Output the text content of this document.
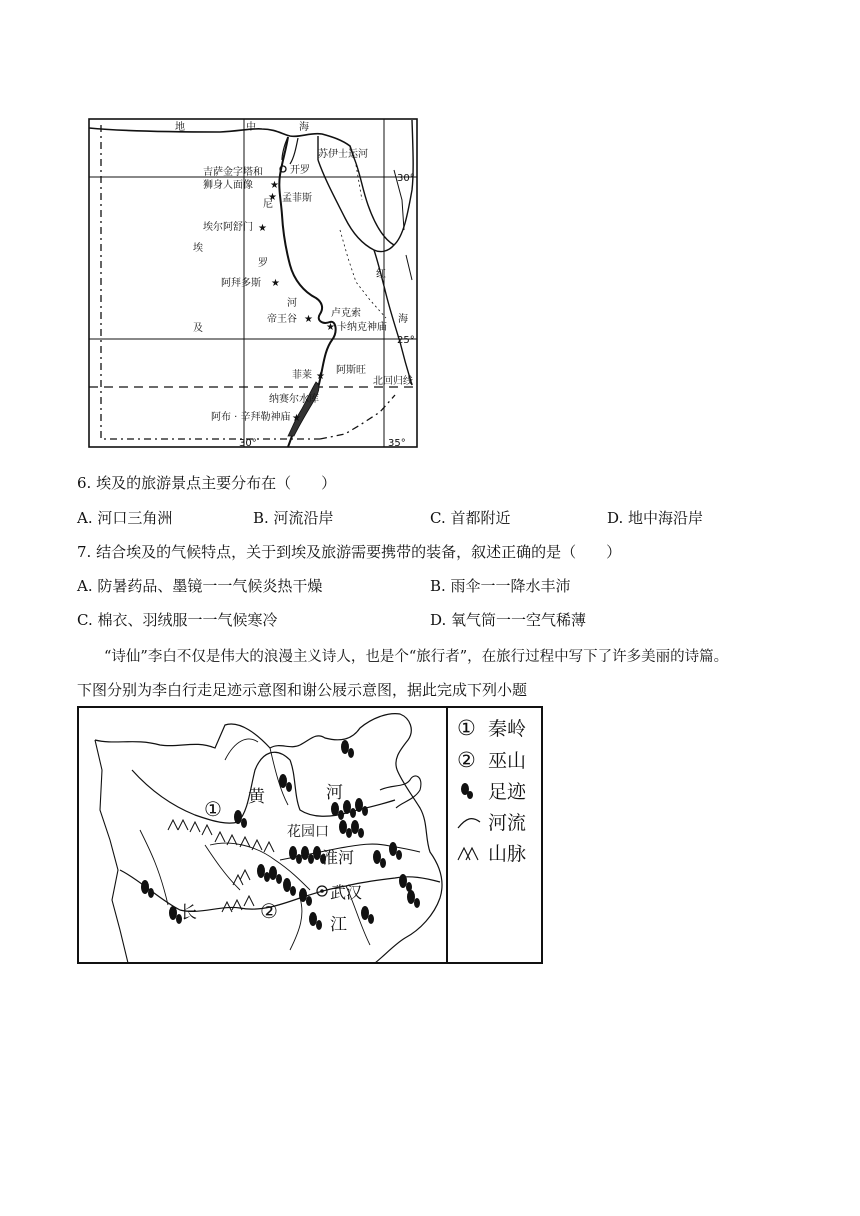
★
★
★
★
★
★
★
★
地	中	海
苏伊士运河
30°
吉萨金字塔和
狮身人面像
开罗
尼
孟菲斯
埃尔阿舒门
埃
罗
红
阿拜多斯
河
卢克索
帝王谷
卡纳克神庙
海
及
25°
菲莱 阿斯旺
北回归线
纳赛尔水库
阿布 · 辛拜勒神庙
30°	35°
6. 埃及的旅游景点主要分布在（　　）
A. 河口三角洲	B. 河流沿岸	C. 首都附近	D. 地中海沿岸
7. 结合埃及的气候特点，关于到埃及旅游需要携带的装备，叙述正确的是（　　）
A. 防暑药品、墨镜一一气候炎热干燥	B. 雨伞一一降水丰沛
C. 棉衣、羽绒服一一气候寒冷	D. 氧气筒一一空气稀薄
“诗仙”李白不仅是伟大的浪漫主义诗人，也是个“旅行者”，在旅行过程中写下了许多美丽的诗篇。
下图分别为李白行走足迹示意图和谢公屐示意图，据此完成下列小题
① 黄	河
花园口
淮河
武汉
长	②
江
① 秦岭
② 巫山
足迹
河流
山脉
